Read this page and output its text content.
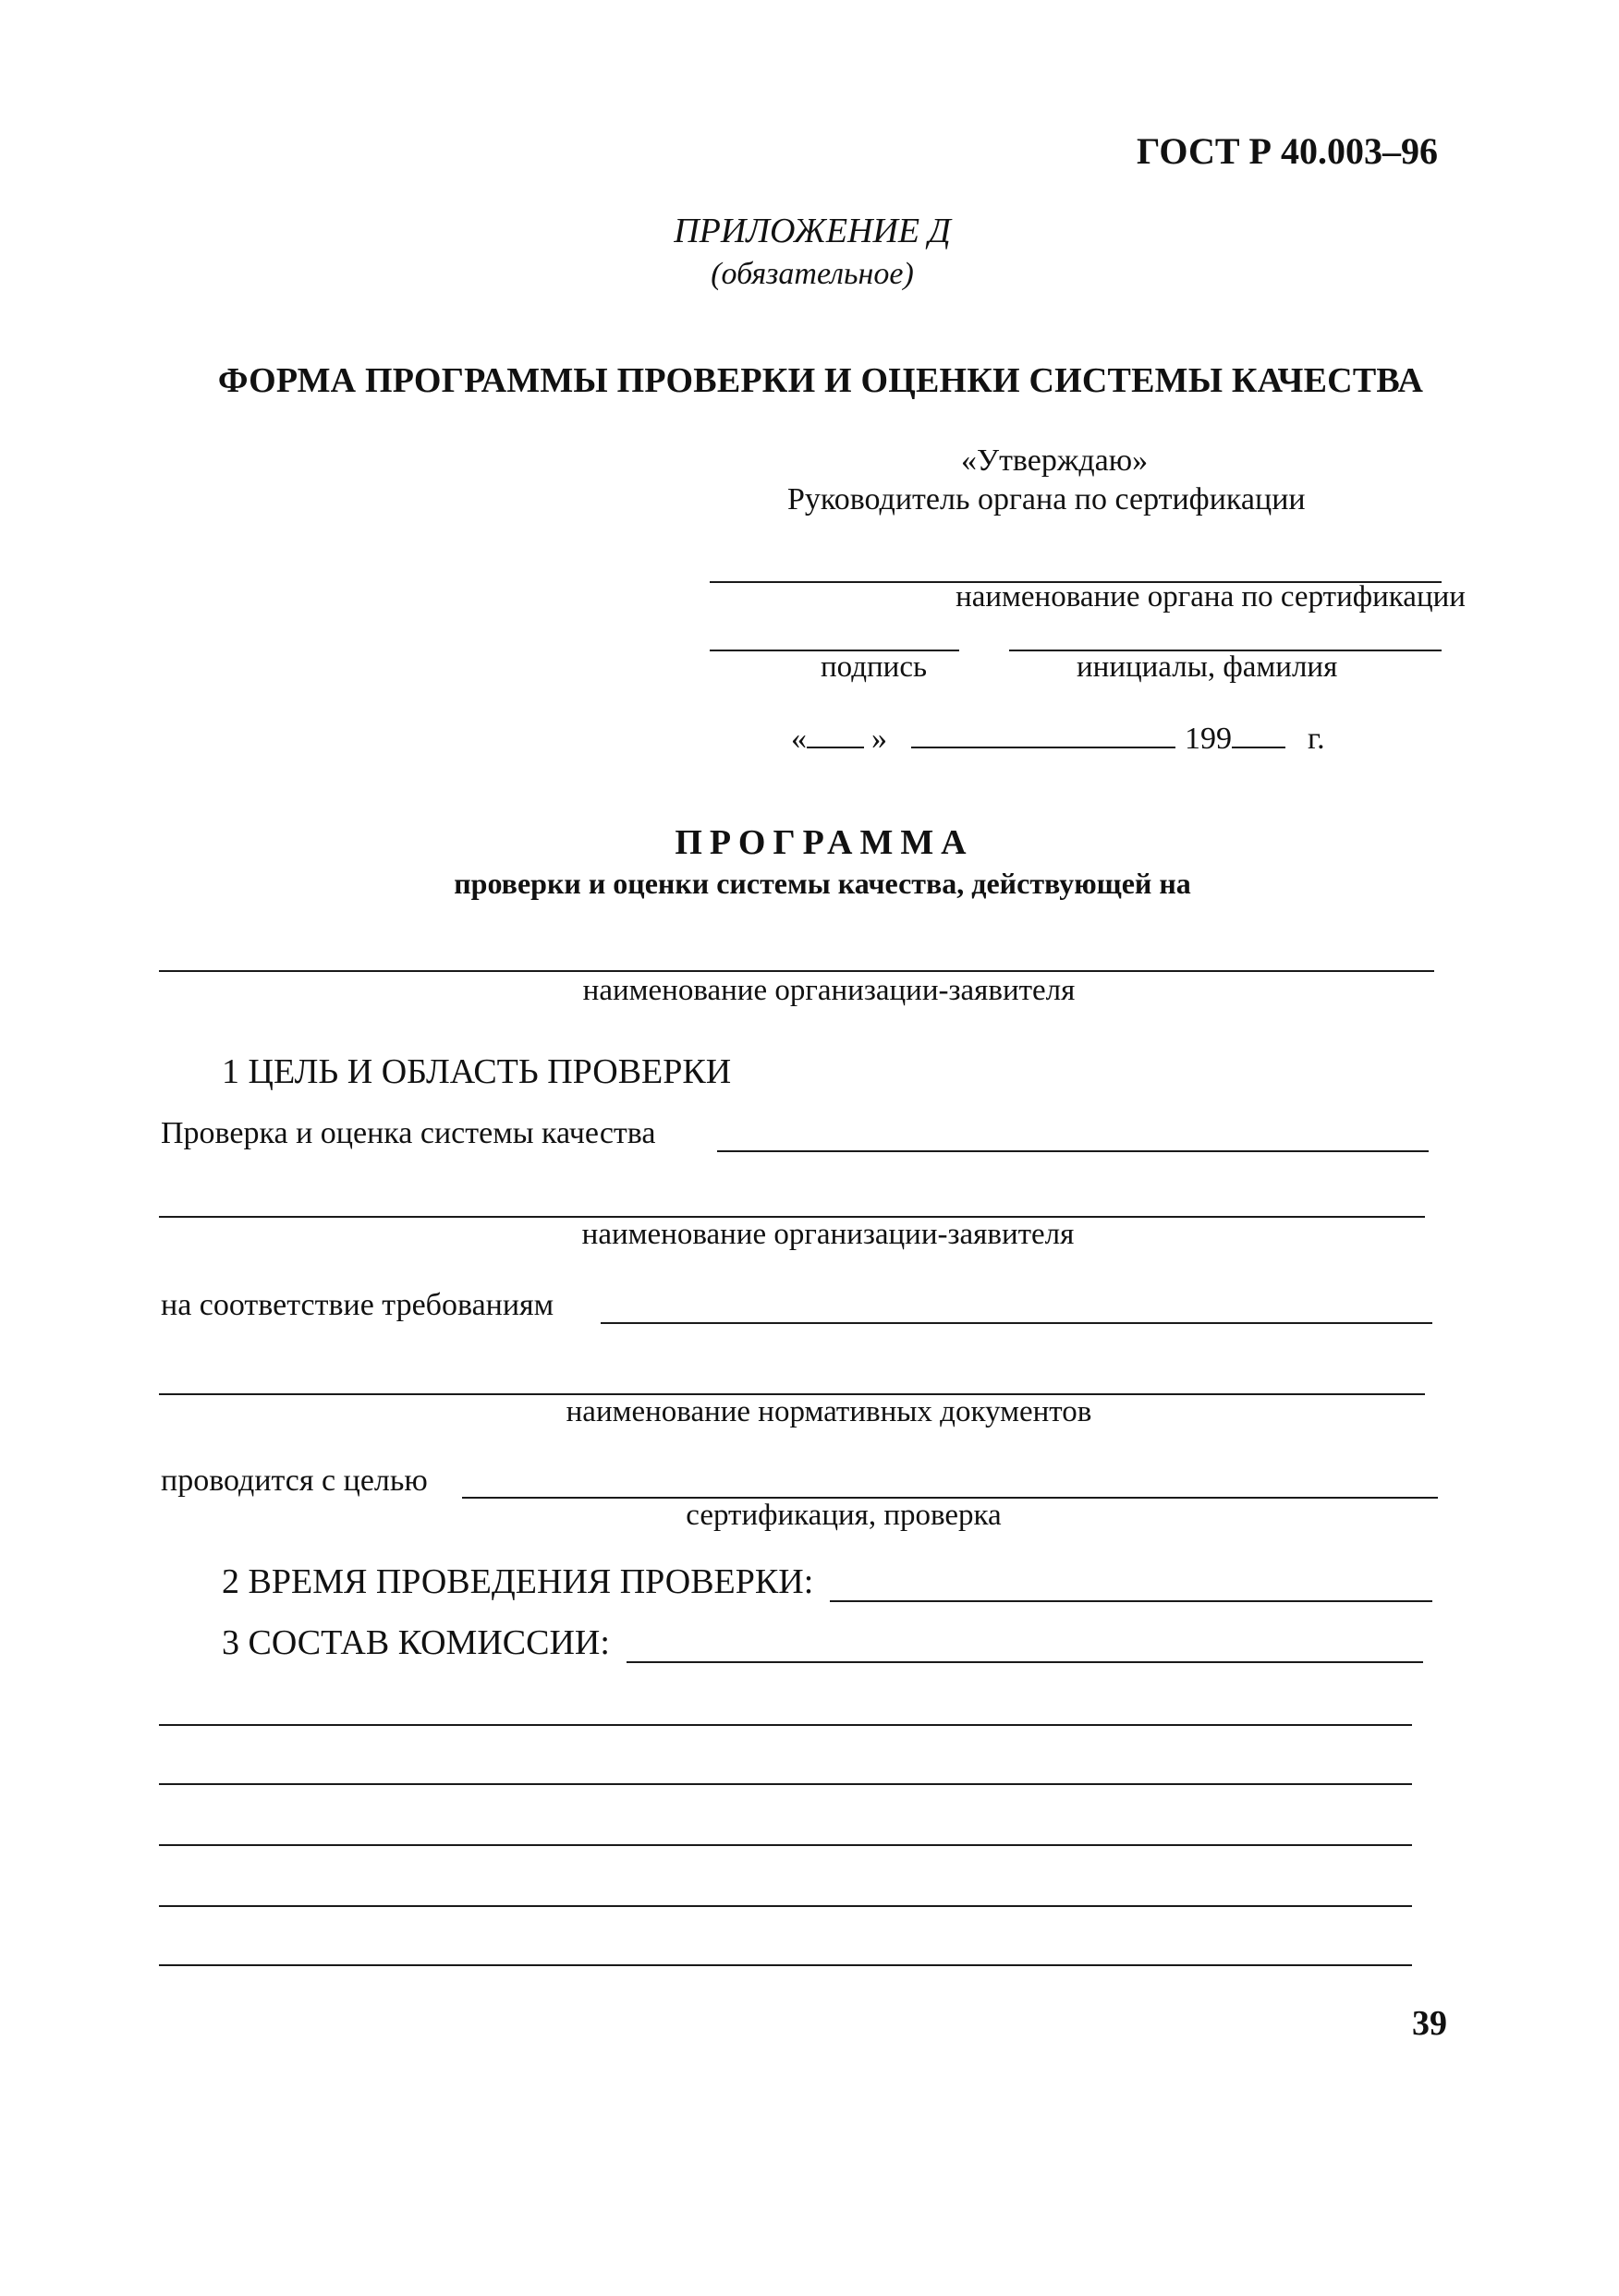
ГОСТ Р 40.003–96
ПРИЛОЖЕНИЕ Д
(обязательное)
ФОРМА ПРОГРАММЫ ПРОВЕРКИ И ОЦЕНКИ СИСТЕМЫ КАЧЕСТВА
«Утверждаю»
Руководитель органа по сертификации
наименование органа по сертификации
подпись	инициалы, фамилия
« »	199 г.
ПРОГРАММА
проверки и оценки системы качества, действующей на
наименование организации-заявителя
1 ЦЕЛЬ И ОБЛАСТЬ ПРОВЕРКИ
Проверка и оценка системы качества
наименование организации-заявителя
на соответствие требованиям
наименование нормативных документов
проводится с целью
сертификация, проверка
2 ВРЕМЯ ПРОВЕДЕНИЯ ПРОВЕРКИ:
3 СОСТАВ КОМИССИИ:
39
